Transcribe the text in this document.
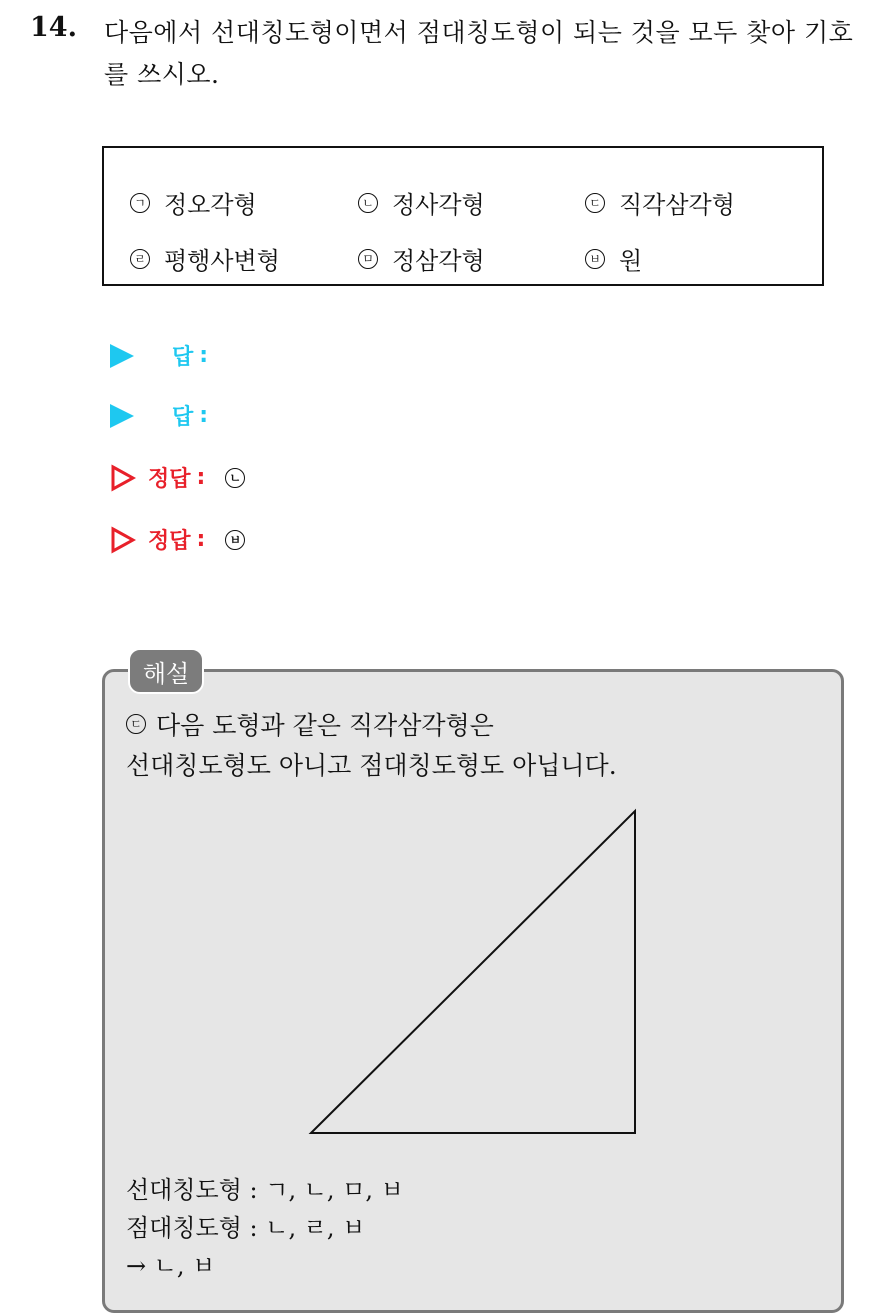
14. 다음에서 선대칭도형이면서 점대칭도형이 되는 것을 모두 찾아 기호를 쓰시오.
ㄱ 정오각형	ㄴ 정사각형	ㄷ 직각삼각형
ㄹ 평행사변형	ㅁ 정삼각형	ㅂ 원
답 :
답 :
정답 :	ㄴ
정답 :	ㅂ
해설
ㄷ 다음 도형과 같은 직각삼각형은
선대칭도형도 아니고 점대칭도형도 아닙니다.
선대칭도형 : ㄱ, ㄴ, ㅁ, ㅂ
점대칭도형 : ㄴ, ㄹ, ㅂ
→ ㄴ, ㅂ
